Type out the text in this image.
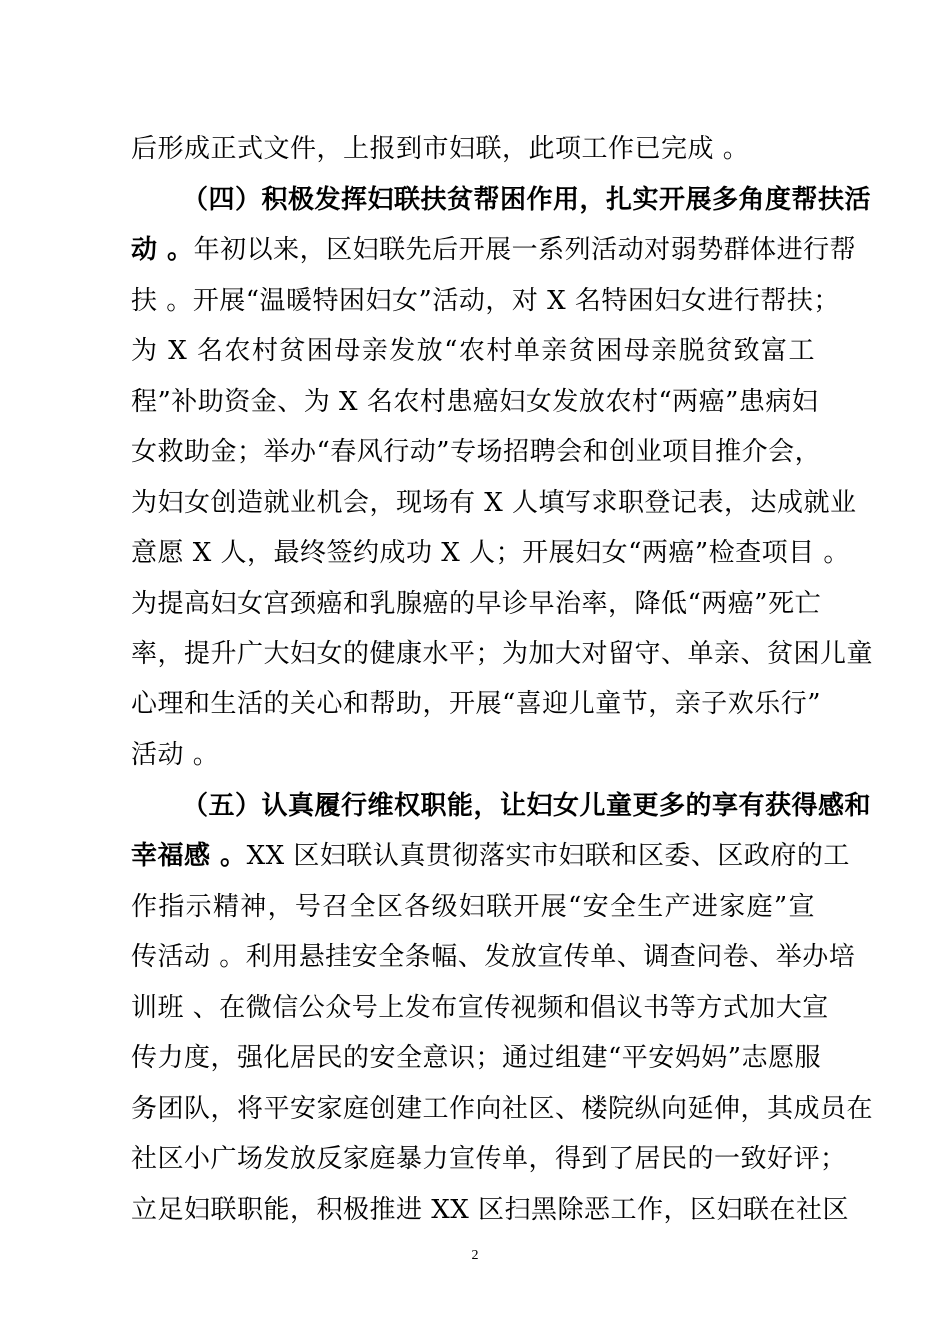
后形成正式文件，上报到市妇联，此项工作已完成 。
（四）积极发挥妇联扶贫帮困作用，扎实开展多角度帮扶活
动 。年初以来，区妇联先后开展一系列活动对弱势群体进行帮
扶 。开展“温暖特困妇女”活动，对 X 名特困妇女进行帮扶；
为 X 名农村贫困母亲发放“农村单亲贫困母亲脱贫致富工
程”补助资金、为 X 名农村患癌妇女发放农村“两癌”患病妇
女救助金；举办“春风行动”专场招聘会和创业项目推介会，
为妇女创造就业机会，现场有 X 人填写求职登记表，达成就业
意愿 X 人，最终签约成功 X 人；开展妇女“两癌”检查项目 。
为提高妇女宫颈癌和乳腺癌的早诊早治率，降低“两癌”死亡
率，提升广大妇女的健康水平；为加大对留守、单亲、贫困儿童
心理和生活的关心和帮助，开展“喜迎儿童节，亲子欢乐行”
活动 。
（五）认真履行维权职能，让妇女儿童更多的享有获得感和
幸福感 。XX 区妇联认真贯彻落实市妇联和区委、区政府的工
作指示精神，号召全区各级妇联开展“安全生产进家庭”宣
传活动 。利用悬挂安全条幅、发放宣传单、调查问卷、举办培
训班 、在微信公众号上发布宣传视频和倡议书等方式加大宣
传力度，强化居民的安全意识；通过组建“平安妈妈”志愿服
务团队，将平安家庭创建工作向社区、楼院纵向延伸，其成员在
社区小广场发放反家庭暴力宣传单，得到了居民的一致好评；
立足妇联职能，积极推进 XX 区扫黑除恶工作，区妇联在社区
2
